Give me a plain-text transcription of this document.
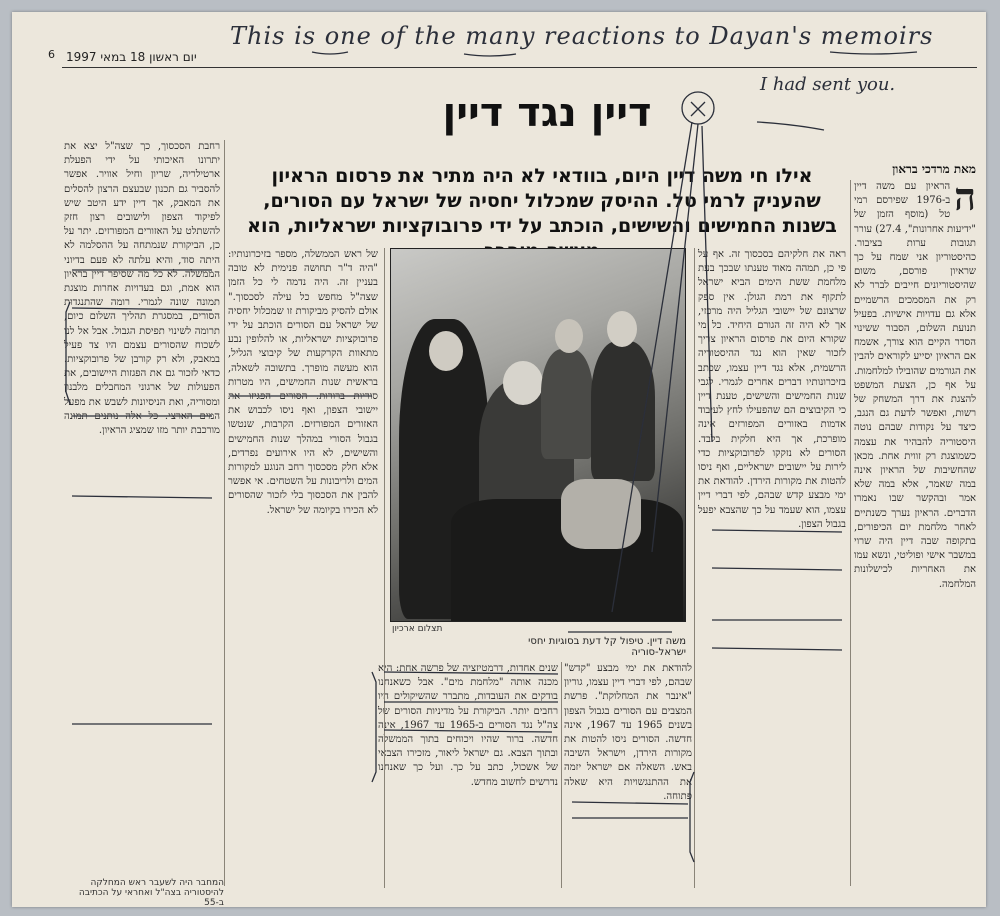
This is one of the many reactions to Dayan's memoirs
I had sent you.
6 יום ראשון 18 במאי 1997
דיין נגד דיין
אילו חי משה דיין היום, בוודאי לא היה מתיר את פרסום הראיון שהעניק לרמי טל. ההיסק שמכלול יחסיה של ישראל עם הסורים, בשנות החמישים והשישים, הוכתב על ידי פרובוקציות ישראליות, הוא
מאת מרדכי בראון
ה
הראיון עם משה דיין ב-1976 שפירסם רמי טל (מוסף הזמן של "ידיעות אחרונות", 27.4) עורר תגובות ערות בציבור. כהיסטוריון אני שמח על כך שראיון פורסם, משום שהיסטוריונים חייבים לברר לא רק את המסמכים הרשמיים אלא גם עדויות אישיות. בפעיל תנועת השלום, הסבור ששינוי הסדר הקיים הוא צורך, אשמח אם הראיון יסייע לקוראים להבין את הגורמים שהובילו למלחמות. על אף כן, הצעת המשפט להצגת את דרך המשחק של רשות, ואפשר לדעת גם הנגב, כיצד על נקודות שבהם נוטה היסטוריה להבהיר את עצמה כשמוצגת רק זווית אחת. מכאן שהחשיבות של הראיון אינה במה שאמר, אלא במה שלא אמר ובהקשר שבו נאמרו הדברים. הראיון נערך כשנתיים לאחר מלחמת יום הכיפורים, בתקופה שבה דיין היה שרוי במשבר אישי ופוליטי, ונשא עמו את האחריות לכישלונות המלחמה.
ראה את חלקיהם בסכסוך זה. אף על פי כן, תמהה מאוד טענתו שבכך בעת מלחמת ששת הימים הביא ישראל לתקוף את רמת הגולן. אין ספק שרצונם של יישובי הגליל היה מרכזי, אך לא היה זה הגורם היחיד. כל מי שקורא היום את פרסום הראיון צריך לזכור שאין הוא נגד ההיסטוריה הרשמית, אלא נגד דיין עצמו, שכתב בזיכרונותיו דברים אחרים לגמרי. לגבי שנות החמישים והשישים, טענת דיין כי הקיבוצים הם שהפעילו לחץ לעיבוד אדמות באזורים המפורזים אינה מופרכת, אך היא חלקית בלבד. הסורים לא נזקקו לפרובוקציות כדי לירות על יישובים ישראליים, ואף ניסו להטות את מקורות הירדן. להודאת את ימי מבצע קדש שבהם, לפי דברי דיין עצמו, הוא שעמד על כך שהצבא יפעל בגבול הצפון.
להודאת את ימי מבצע "קדש" שבהם, לפי דברי דיין עצמו, גוריון "אינבר את המחלוקת". פרשת המצבים עם הסורים בגבול הצפון בשנים 1965 עד 1967, אינה חדשה. הסורים ניסו להטות את מקורות הירדן, וישראל השיבה באש. השאלה אם ישראל יזמה את ההתנגשויות היא שאלה פתוחה.
שנים אחדות, דרמטיזציה של פרשה אחת: היא מכנה אותה "מלחמת מים". אבל כשאנחנו בודקים את העובדות, מתברר שהשיקולים היו רחבים יותר. הביקורת על מדיניות הסורים של צה"ל נגד הסורים ב-1965 עד 1967, אינה חדשה. ברור שהיו ויכוחים בתוך הממשלה ובתוך הצבא. גם ישראל ליאור, מזכירו הצבאי של אשכול, כתב על כך. ועל כך שאנחנו נדרשים לחשוב מחדש.
של ראש הממשלה, מספר בזיכרונותיו: "היה ד"ר תחושה פנימית לא טובה בעניין זה. היה נדמה לי כל הזמן שצה"ל מחפש כל עילה לסכסוך." אולם להסיק מביקורת זו שמכלול יחסיה של ישראל עם הסורים הוכתב על ידי פרובוקציות ישראליות, או להלופין נבע מתאוות הקרקעות של קיבוצי הגליל, הוא מעשה מופרך. בתשובה לשאלה, בראשית שנות החמישים, היו מטרות סוריות ברורות. הסורים הפגיזו את יישובי הצפון, ואף ניסו לכבוש את האזורים המפורזים. הקרבות, שנטשו בגבול הסורי במהלך שנות החמישים והשישים, לא היו אירועים נפרדים, אלא חלק מסכסוך רחב הנוגע למקורות המים ולריבונות על השטחים. אי אפשר להבין את הסכסוך בלי לזכור שהסורים לא הכירו בקיומה של ישראל.
רחבת הסכסוך, כך שצה"ל יצא את יתרונו האיכותי על ידי הפעלת ארטילריה, שריון וחיל אוויר. אפשר להסביר גם תכנון שבעצם הרצון להסלים את המאבק, אך דיין ידע היטב שיש לפיקוד הצפון ולישובים רצון חזק להשתלט על האזורים המפורזים. יתר על כן, הביקורת שנמתחה על ההסלמה לא היתה סוד, והיא עלתה לא פעם בדיוני הממשלה. לא כל מה שסיפר דיין בראיון הוא אמת, וגם בעדויות אחרות מוצגת תמונה שונה לגמרי. רומה שהתנגדות הסורים, במסגרת תהליך השלום כיום, תרומה לשינוי תפיסת הגבול. אבל אל לנו לשכוח שהסורים עצמם היו צד פעיל במאבק, ולא רק קורבן של פרובוקציות. כדאי לזכור גם את הפגזות היישובים, את הפעולות של ארגוני המחבלים מלבנון ומסוריה, ואת הניסיונות לשבש את מפעל המים הארצי. כל אלה נותנים תמונה מורכבת יותר מזו שמציג הראיון.
תצלום ארכיון
משה דיין. טיפול קל דעת בסוגיות יחסי ישראל-סוריה
המחבר היה לשעבר ראש המחלקה להיסטוריה בצה"ל ואחראי על הכתיבה ב-55
